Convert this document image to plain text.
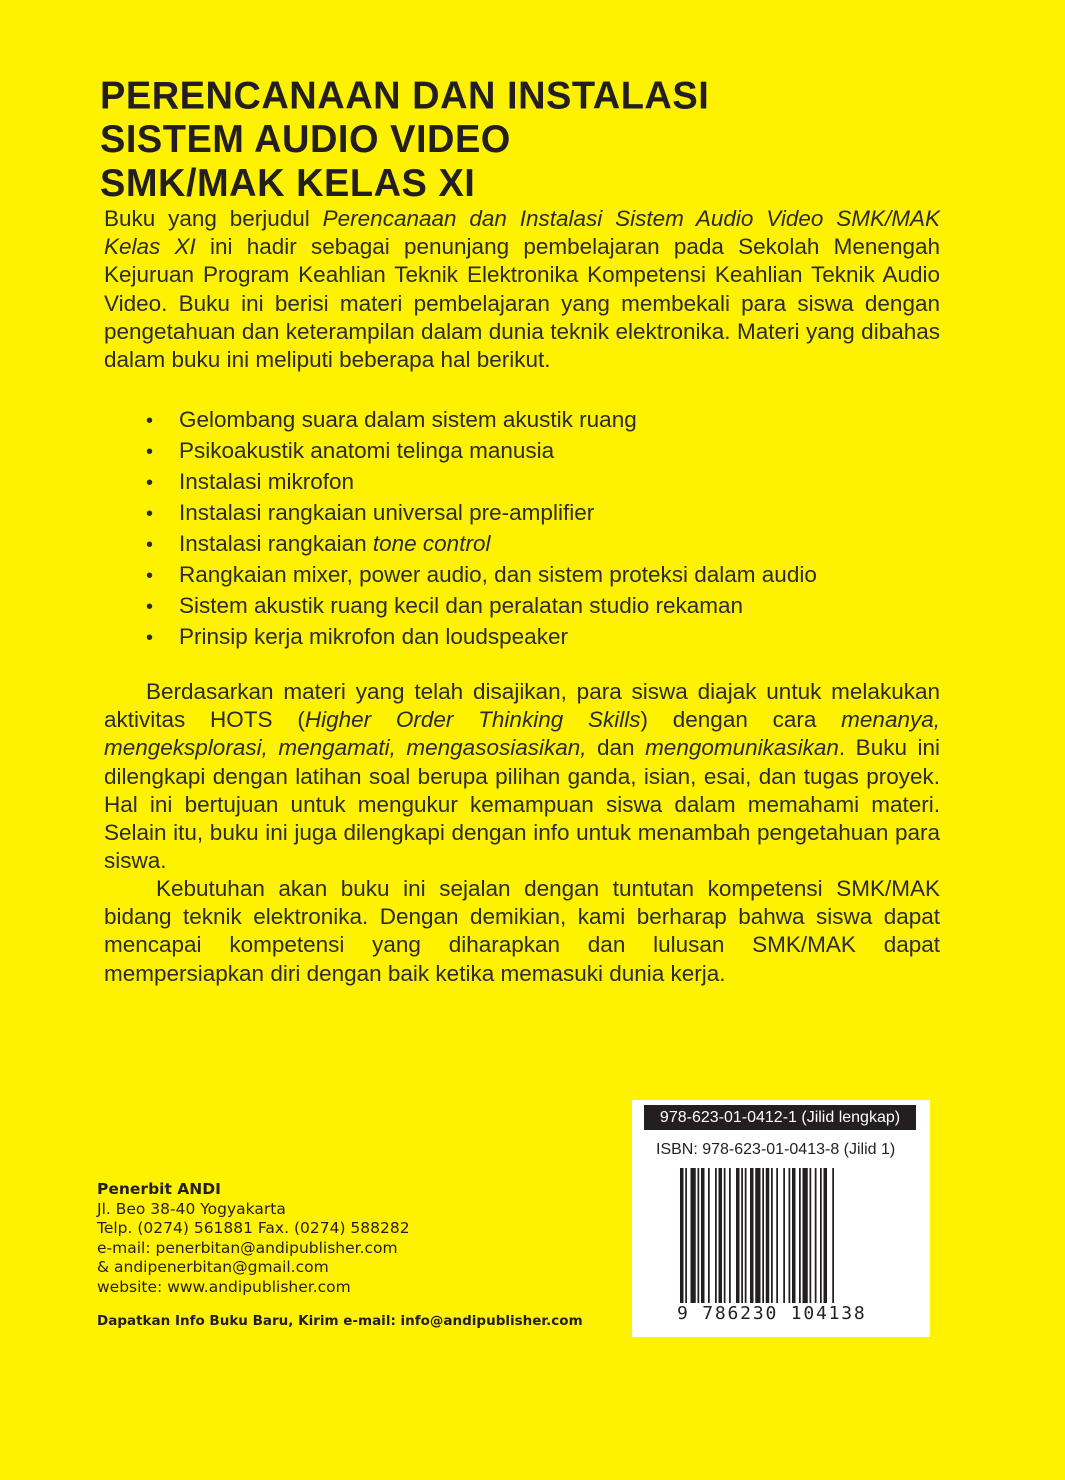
PERENCANAAN DAN INSTALASI
SISTEM AUDIO VIDEO
SMK/MAK KELAS XI
Buku yang berjudul Perencanaan dan Instalasi Sistem Audio Video SMK/MAK Kelas XI ini hadir sebagai penunjang pembelajaran pada Sekolah Menengah Kejuruan Program Keahlian Teknik Elektronika Kompetensi Keahlian Teknik Audio Video. Buku ini berisi materi pembelajaran yang membekali para siswa dengan pengetahuan dan keterampilan dalam dunia teknik elektronika. Materi yang dibahas dalam buku ini meliputi beberapa hal berikut.
• Gelombang suara dalam sistem akustik ruang
• Psikoakustik anatomi telinga manusia
• Instalasi mikrofon
• Instalasi rangkaian universal pre-amplifier
• Instalasi rangkaian tone control
• Rangkaian mixer, power audio, dan sistem proteksi dalam audio
• Sistem akustik ruang kecil dan peralatan studio rekaman
• Prinsip kerja mikrofon dan loudspeaker
Berdasarkan materi yang telah disajikan, para siswa diajak untuk melakukan aktivitas HOTS (Higher Order Thinking Skills) dengan cara menanya, mengeksplorasi, mengamati, mengasosiasikan, dan mengomunikasikan. Buku ini dilengkapi dengan latihan soal berupa pilihan ganda, isian, esai, dan tugas proyek. Hal ini bertujuan untuk mengukur kemampuan siswa dalam memahami materi. Selain itu, buku ini juga dilengkapi dengan info untuk menambah pengetahuan para siswa.
Kebutuhan akan buku ini sejalan dengan tuntutan kompetensi SMK/MAK bidang teknik elektronika. Dengan demikian, kami berharap bahwa siswa dapat mencapai kompetensi yang diharapkan dan lulusan SMK/MAK dapat mempersiapkan diri dengan baik ketika memasuki dunia kerja.
Penerbit ANDI
Jl. Beo 38-40 Yogyakarta
Telp. (0274) 561881 Fax. (0274) 588282
e-mail: penerbitan@andipublisher.com
& andipenerbitan@gmail.com
website: www.andipublisher.com
Dapatkan Info Buku Baru, Kirim e-mail: info@andipublisher.com
978-623-01-0412-1 (Jilid lengkap)
ISBN: 978-623-01-0413-8 (Jilid 1)
9 786230 104138
